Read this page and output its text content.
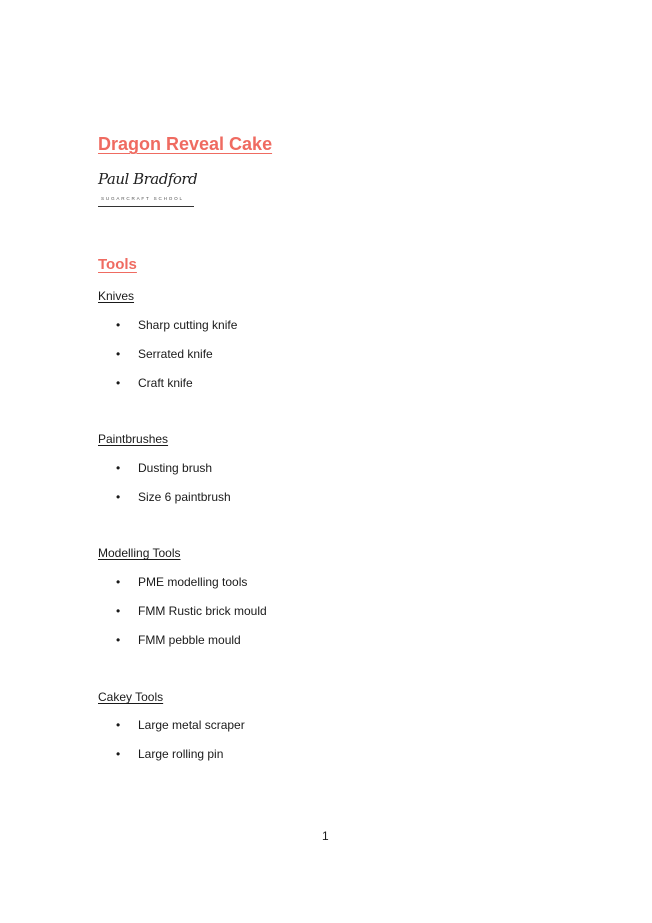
Dragon Reveal Cake
Paul Bradford
SUGARCRAFT SCHOOL
Tools
Knives
• Sharp cutting knife
• Serrated knife
• Craft knife
Paintbrushes
• Dusting brush
• Size 6 paintbrush
Modelling Tools
• PME modelling tools
• FMM Rustic brick mould
• FMM pebble mould
Cakey Tools
• Large metal scraper
• Large rolling pin
1
